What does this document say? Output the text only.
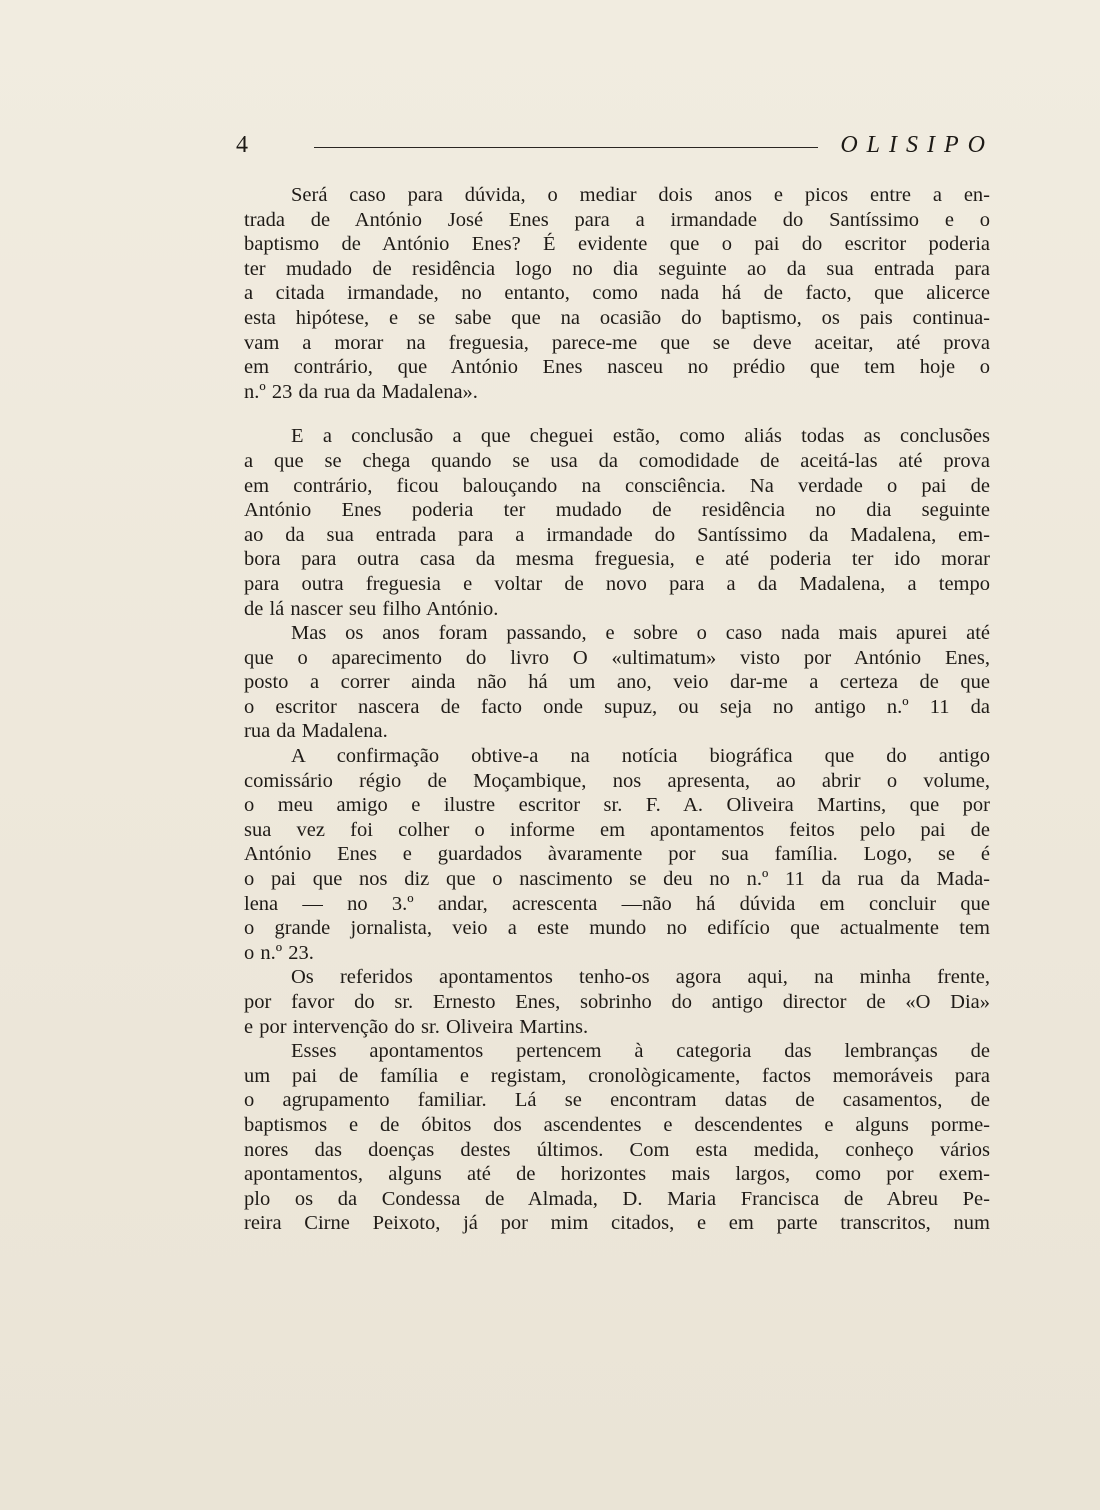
4	OLISIPO

Será caso para dúvida, o mediar dois anos e picos entre a en-
trada de António José Enes para a irmandade do Santíssimo e o
baptismo de António Enes? É evidente que o pai do escritor poderia
ter mudado de residência logo no dia seguinte ao da sua entrada para
a citada irmandade, no entanto, como nada há de facto, que alicerce
esta hipótese, e se sabe que na ocasião do baptismo, os pais continua-
vam a morar na freguesia, parece-me que se deve aceitar, até prova
em contrário, que António Enes nasceu no prédio que tem hoje o
n.º 23 da rua da Madalena».

E a conclusão a que cheguei estão, como aliás todas as conclusões
a que se chega quando se usa da comodidade de aceitá-las até prova
em contrário, ficou balouçando na consciência. Na verdade o pai de
António Enes poderia ter mudado de residência no dia seguinte
ao da sua entrada para a irmandade do Santíssimo da Madalena, em-
bora para outra casa da mesma freguesia, e até poderia ter ido morar
para outra freguesia e voltar de novo para a da Madalena, a tempo
de lá nascer seu filho António.

Mas os anos foram passando, e sobre o caso nada mais apurei até
que o aparecimento do livro O «ultimatum» visto por António Enes,
posto a correr ainda não há um ano, veio dar-me a certeza de que
o escritor nascera de facto onde supuz, ou seja no antigo n.º 11 da
rua da Madalena.

A confirmação obtive-a na notícia biográfica que do antigo
comissário régio de Moçambique, nos apresenta, ao abrir o volume,
o meu amigo e ilustre escritor sr. F. A. Oliveira Martins, que por
sua vez foi colher o informe em apontamentos feitos pelo pai de
António Enes e guardados àvaramente por sua família. Logo, se é
o pai que nos diz que o nascimento se deu no n.º 11 da rua da Mada-
lena — no 3.º andar, acrescenta —não há dúvida em concluir que
o grande jornalista, veio a este mundo no edifício que actualmente tem
o n.º 23.

Os referidos apontamentos tenho-os agora aqui, na minha frente,
por favor do sr. Ernesto Enes, sobrinho do antigo director de «O Dia»
e por intervenção do sr. Oliveira Martins.

Esses apontamentos pertencem à categoria das lembranças de
um pai de família e registam, cronològicamente, factos memoráveis para
o agrupamento familiar. Lá se encontram datas de casamentos, de
baptismos e de óbitos dos ascendentes e descendentes e alguns porme-
nores das doenças destes últimos. Com esta medida, conheço vários
apontamentos, alguns até de horizontes mais largos, como por exem-
plo os da Condessa de Almada, D. Maria Francisca de Abreu Pe-
reira Cirne Peixoto, já por mim citados, e em parte transcritos, num
